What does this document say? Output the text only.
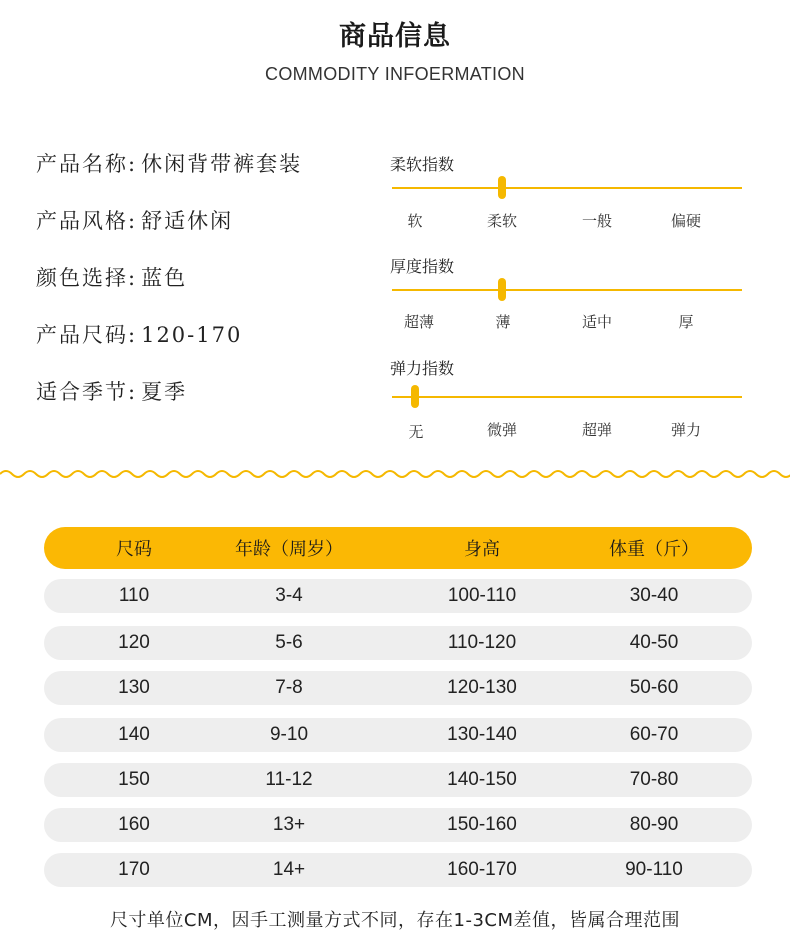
商品信息
COMMODITY INFOERMATION
产品名称: 休闲背带裤套装
产品风格: 舒适休闲
颜色选择: 蓝色
产品尺码: 120-170
适合季节: 夏季
柔软指数
软	柔软	一般	偏硬
厚度指数
超薄	薄	适中	厚
弹力指数
无	微弹	超弹	弹力
尺码	年龄（周岁）	身高	体重（斤）
110	3-4	100-110	30-40
120	5-6	110-120	40-50
130	7-8	120-130	50-60
140	9-10	130-140	60-70
150	11-12	140-150	70-80
160	13+	150-160	80-90
170	14+	160-170	90-110
尺寸单位CM，因手工测量方式不同，存在1-3CM差值，皆属合理范围
